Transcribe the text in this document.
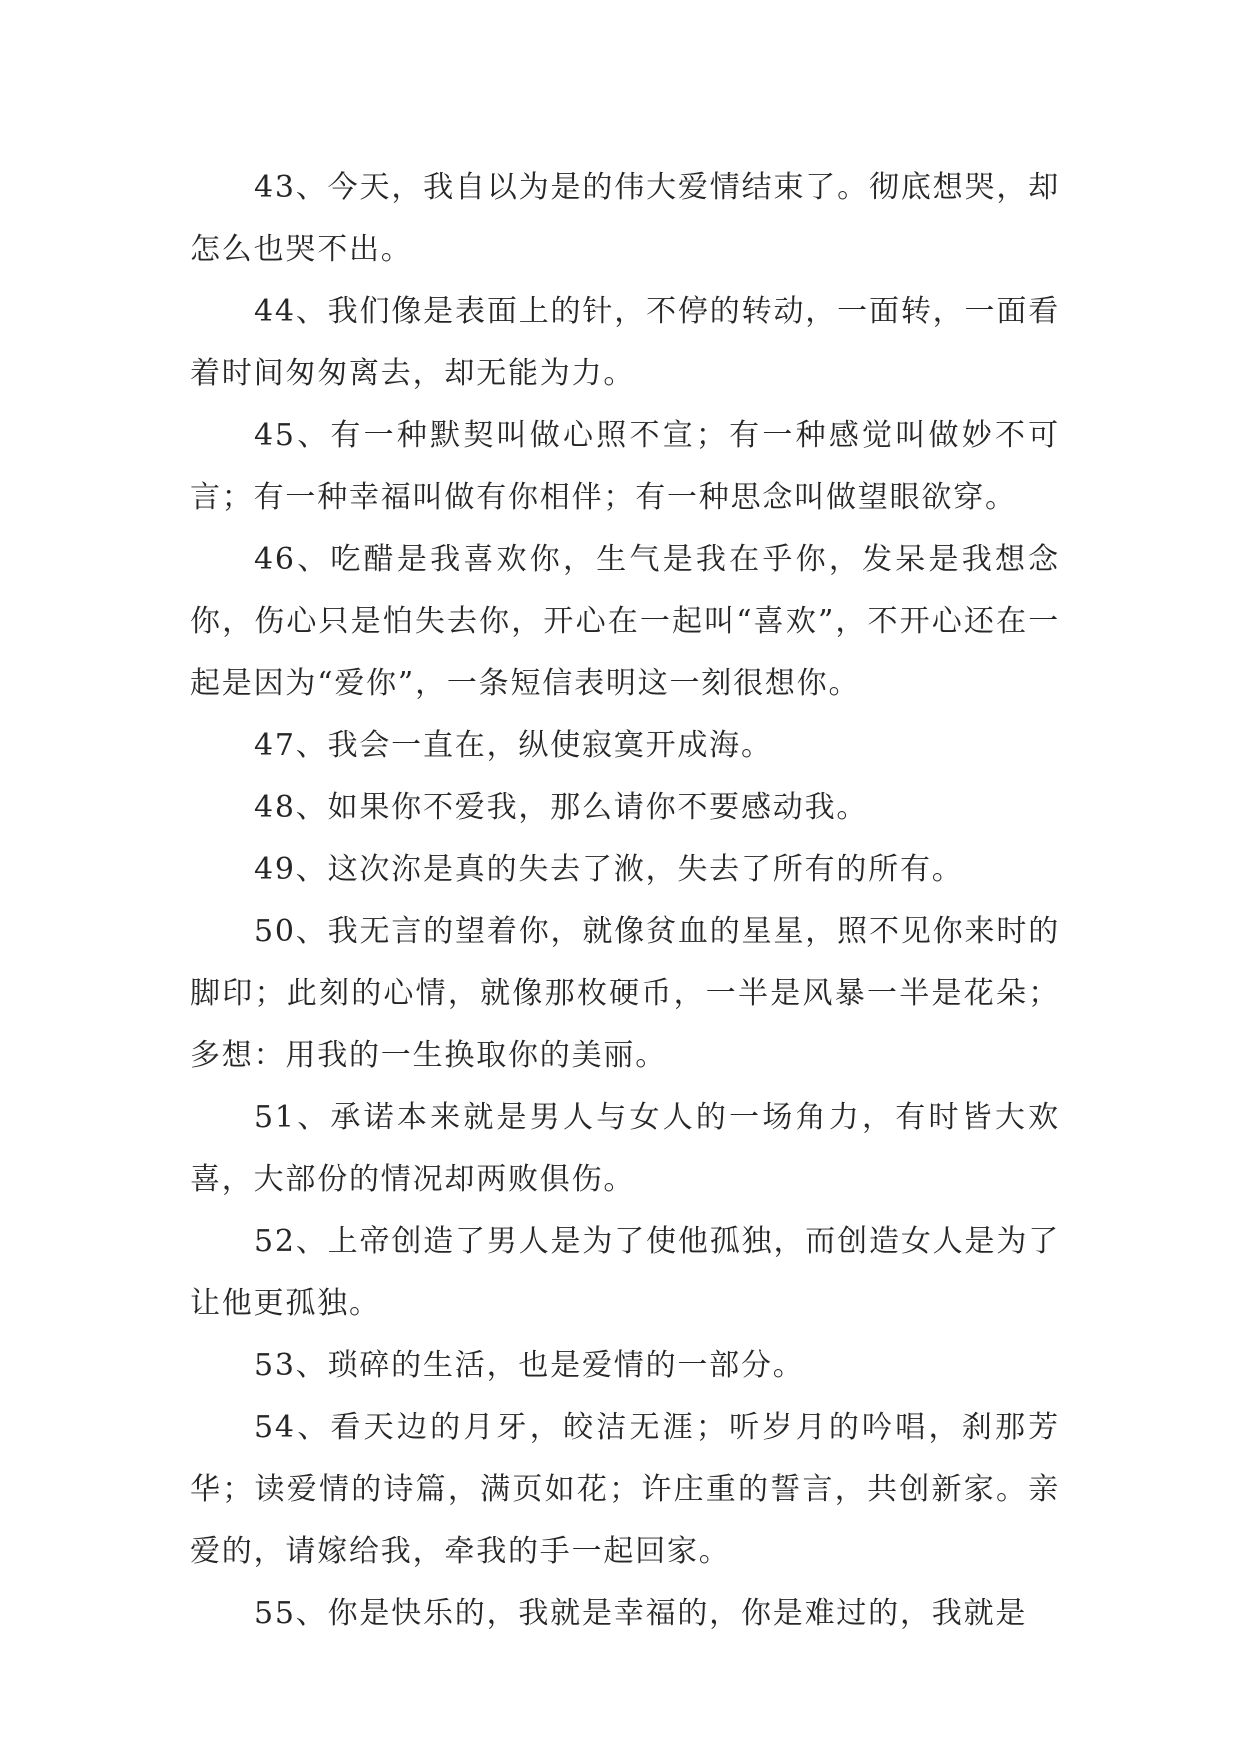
43、今天，我自以为是的伟大爱情结束了。彻底想哭，却怎么也哭不出。

44、我们像是表面上的针，不停的转动，一面转，一面看着时间匆匆离去，却无能为力。

45、有一种默契叫做心照不宣；有一种感觉叫做妙不可言；有一种幸福叫做有你相伴；有一种思念叫做望眼欲穿。

46、吃醋是我喜欢你，生气是我在乎你，发呆是我想念你，伤心只是怕失去你，开心在一起叫“喜欢”，不开心还在一起是因为“爱你”，一条短信表明这一刻很想你。

47、我会一直在，纵使寂寞开成海。

48、如果你不爱我，那么请你不要感动我。

49、这次沵是真的失去了浟，失去了所有的所有。

50、我无言的望着你，就像贫血的星星，照不见你来时的脚印；此刻的心情，就像那枚硬币，一半是风暴一半是花朵；多想：用我的一生换取你的美丽。

51、承诺本来就是男人与女人的一场角力，有时皆大欢喜，大部份的情况却两败俱伤。

52、上帝创造了男人是为了使他孤独，而创造女人是为了让他更孤独。

53、琐碎的生活，也是爱情的一部分。

54、看天边的月牙，皎洁无涯；听岁月的吟唱，刹那芳华；读爱情的诗篇，满页如花；许庄重的誓言，共创新家。亲爱的，请嫁给我，牵我的手一起回家。

55、你是快乐的，我就是幸福的，你是难过的，我就是
